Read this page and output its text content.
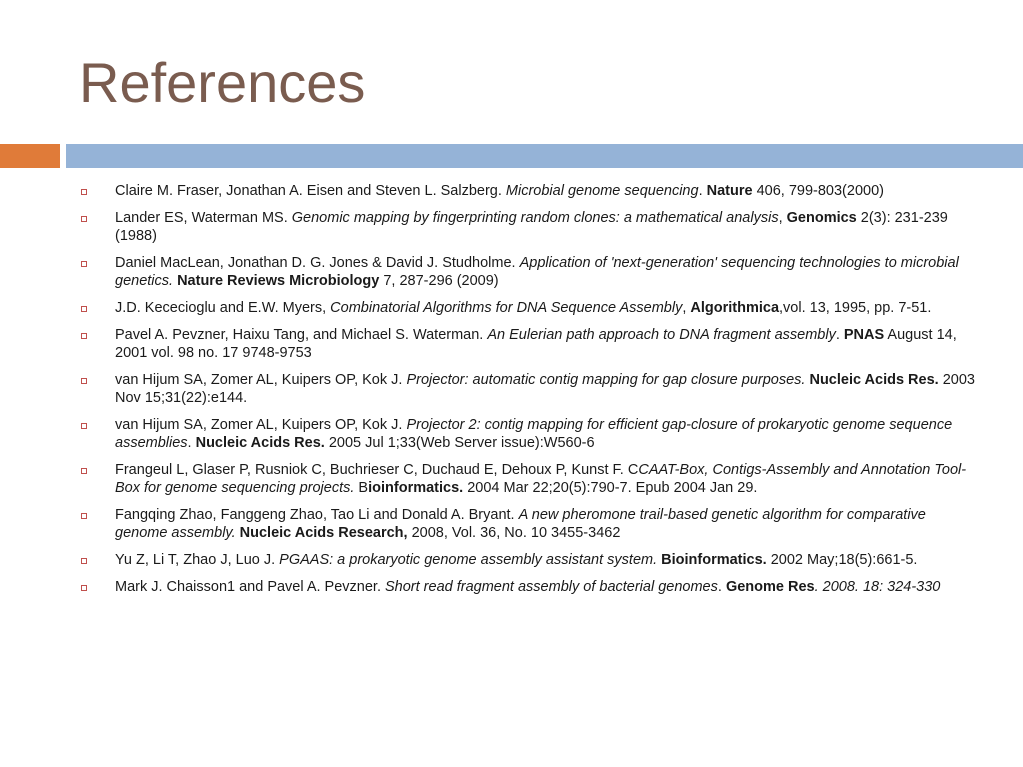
References
Claire M. Fraser, Jonathan A. Eisen and Steven L. Salzberg. Microbial genome sequencing. Nature 406, 799-803(2000)
Lander ES, Waterman MS. Genomic mapping by fingerprinting random clones: a mathematical analysis, Genomics 2(3): 231-239 (1988)
Daniel MacLean, Jonathan D. G. Jones & David J. Studholme. Application of 'next-generation' sequencing technologies to microbial genetics. Nature Reviews Microbiology 7, 287-296 (2009)
J.D. Kececioglu and E.W. Myers, Combinatorial Algorithms for DNA Sequence Assembly, Algorithmica,vol. 13, 1995, pp. 7-51.
Pavel A. Pevzner, Haixu Tang, and Michael S. Waterman. An Eulerian path approach to DNA fragment assembly. PNAS August 14, 2001 vol. 98 no. 17 9748-9753
van Hijum SA, Zomer AL, Kuipers OP, Kok J. Projector: automatic contig mapping for gap closure purposes. Nucleic Acids Res. 2003 Nov 15;31(22):e144.
van Hijum SA, Zomer AL, Kuipers OP, Kok J. Projector 2: contig mapping for efficient gap-closure of prokaryotic genome sequence assemblies. Nucleic Acids Res. 2005 Jul 1;33(Web Server issue):W560-6
Frangeul L, Glaser P, Rusniok C, Buchrieser C, Duchaud E, Dehoux P, Kunst F. CCAAT-Box, Contigs-Assembly and Annotation Tool-Box for genome sequencing projects. Bioinformatics. 2004 Mar 22;20(5):790-7. Epub 2004 Jan 29.
Fangqing Zhao, Fanggeng Zhao, Tao Li and Donald A. Bryant. A new pheromone trail-based genetic algorithm for comparative genome assembly. Nucleic Acids Research, 2008, Vol. 36, No. 10 3455-3462
Yu Z, Li T, Zhao J, Luo J. PGAAS: a prokaryotic genome assembly assistant system. Bioinformatics. 2002 May;18(5):661-5.
Mark J. Chaisson1 and Pavel A. Pevzner. Short read fragment assembly of bacterial genomes. Genome Res. 2008. 18: 324-330
